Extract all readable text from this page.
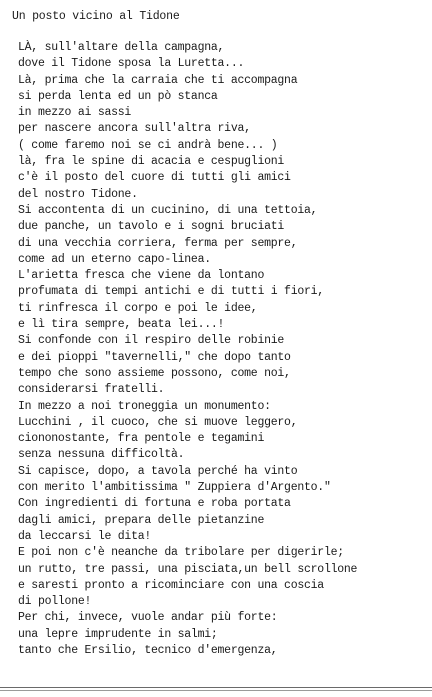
Un posto vicino al Tidone
LÀ, sull'altare della campagna,
dove il Tidone sposa la Luretta...
Là, prima che la carraia che ti accompagna
si perda lenta ed un pò stanca
in mezzo ai sassi
per nascere ancora sull'altra riva,
( come faremo noi se ci andrà bene... )
là, fra le spine di acacia e cespuglioni
c'è il posto del cuore di tutti gli amici
del nostro Tidone.
Si accontenta di un cucinino, di una tettoia,
due panche, un tavolo e i sogni bruciati
di una vecchia corriera, ferma per sempre,
come ad un eterno capo-linea.
L'arietta fresca che viene da lontano
profumata di tempi antichi e di tutti i fiori,
ti rinfresca il corpo e poi le idee,
e lì tira sempre, beata lei...!
Si confonde con il respiro delle robinie
e dei pioppi "tavernelli," che dopo tanto
tempo che sono assieme possono, come noi,
considerarsi fratelli.
In mezzo a noi troneggia un monumento:
Lucchini , il cuoco, che si muove leggero,
ciononostante, fra pentole e tegamini
senza nessuna difficoltà.
Si capisce, dopo, a tavola perché ha vinto
con merito l'ambitissima " Zuppiera d'Argento."
Con ingredienti di fortuna e roba portata
dagli amici, prepara delle pietanzine
da leccarsi le dita!
E poi non c'è neanche da tribolare per digerirle;
un rutto, tre passi, una pisciata,un bell scrollone
e saresti pronto a ricominciare con una coscia
di pollone!
Per chi, invece, vuole andar più forte:
una lepre imprudente in salmi;
tanto che Ersilio, tecnico d'emergenza,
